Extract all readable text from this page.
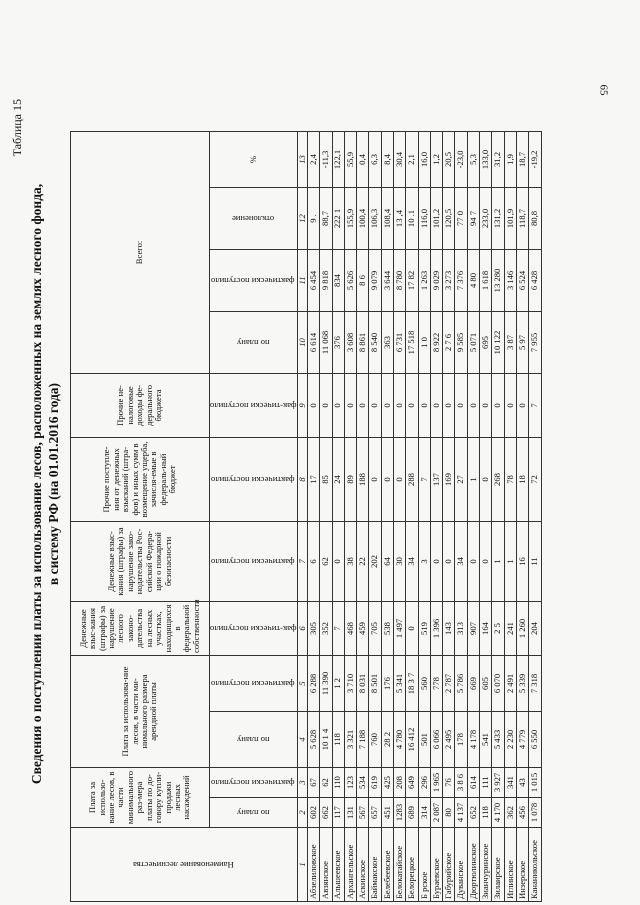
65
Таблица 15
Сведения о поступлении платы за использование лесов, расположенных на землях лесного фонда, в систему РФ (на 01.01.2016 года)
Наименование лесничества	Плата за использо-вание лесов, в части минимального раз-мера платы по до-говору купли-продажи лесных насаждений		Плата за использова-ние лесов, в части ми-нимального размера арендной платы		Денежные взыс-кания (штрафы) за нарушение лесного законо-дательства на лесных участках, находящихся в федеральной собственности	Денежные взыс-кания (штрафы) за нарушение зако-нодательства Рос-сийской Федера-ции о пожарной безопасности	Прочие поступле-ния от денежных взысканий (штра-фов) и иных сумм в возмещение ущерба, зачисля-емые в федераль-ный бюджет	Прочие не-налоговые доходы фе-дерального бюджета	Всего:			

	по плану	фактически поступило	по плану	фактически поступило	фак-тически поступило	фактически поступило	фактически поступило	фак-тически поступило	по плану	фактически поступило	отклонение	%
1	2	3	4	5	6	7	8	9	10	11	12	13
Абзелиловское	602	67	5 628	6 288	305	6	17	0	6 614	6 454	9 .	2,4
Авзянское	662	62	10 1 4	11 390	352	62	85	0	11 068	9 818	88,7	-11,3
Альшеевское	117	110	118	1 2	7	0	24	0	376	834	222 1	122,1
Архангельское	131	123	3 321	3 710	468	38	89	0	3 608	5 626	155,9	55,9
Аскинское	567	534	7 188	8 031	459	22	188	0	8 861	8 6	100,4	0,4
Баймакское	657	619	760	8 501	705	202	0	0	8 540	9 079	106,3	6,3
Белебеевское	451	425	28 2	176	538	64	0	0	363	3 644	108,4	8,4
Белокатайское	1283	208	4 780	5 341	1 497	30	0	0	6 731	8 780	13 ,4	30,4
Белорецкое	689	649	16 412	18 3 7	0	34	288	0	17 518	17 82	10 .1	2,1
Б рское	314	296	501	560	519	3	7	0	1 0	1 263	116,0	16,0
Бураевское	2 087	1 965	6 066	778	1 396	0	137	0	8 922	9 029	101,2	1,2
Габурийское	80	76	2 495	2 787	143	0	169	0	2 7 6	3 273	120,5	20,5
Дуванское	4 137	3 8 6	178	5 786	313	34	27	0	9 585	7 376	77 0	-23,0
Дюртюлинское	652	614	4 178	669	907	0	1	0	5 071	4 80	94 7	5,3
Зианчуринское	118	111	541	605	164	0	0	0	695	1 618	233,0	133,0
Зилаирское	4 170	3 927	5 433	6 070	2 5	1	268	0	10 122	13 280	131,2	31,2
Иглинское	362	341	2 230	2 491	241	1	78	0	3 87	3 146	101,9	1,9
Инзерское	456	43	4 779	5 339	1 260	16	18	0	5 97	6 524	118,7	18,7
Кананикольское	1 078	1 015	6 550	7 318	204	11	72	7	7 955	6 428	80,8	-19,2
